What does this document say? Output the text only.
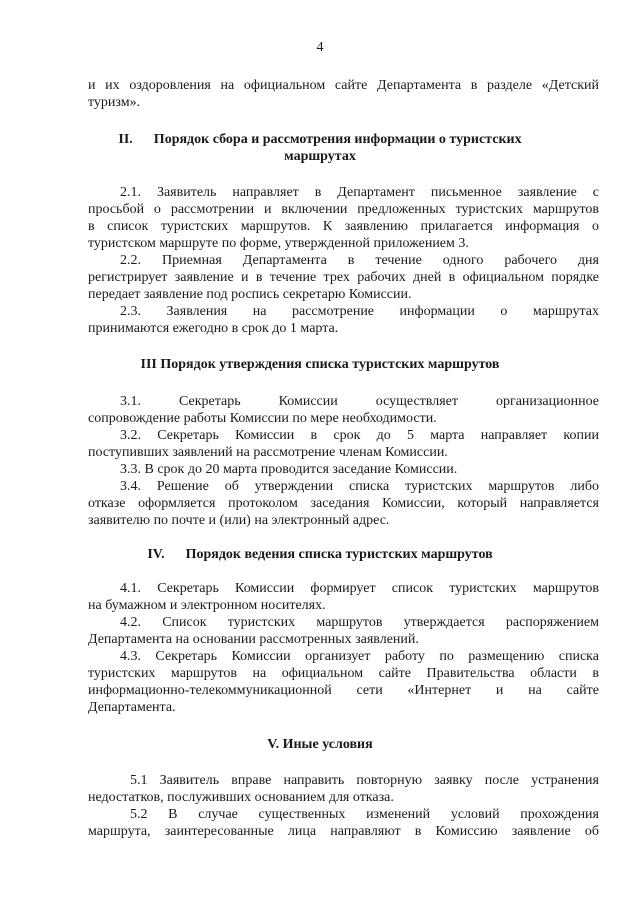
4
и их оздоровления на официальном сайте Департамента в разделе «Детский
туризм».
II.      Порядок сбора и рассмотрения информации о туристских
маршрутах
2.1. Заявитель направляет в Департамент письменное заявление с
просьбой о рассмотрении и включении предложенных туристских маршрутов
в список туристских маршрутов. К заявлению прилагается информация о
туристском маршруте по форме, утвержденной приложением 3.
2.2. Приемная Департамента в течение одного рабочего дня
регистрирует заявление и в течение трех рабочих дней в официальном порядке
передает заявление под роспись секретарю Комиссии.
2.3. Заявления на рассмотрение информации о маршрутах
принимаются ежегодно в срок до 1 марта.
III Порядок утверждения списка туристских маршрутов
3.1. Секретарь Комиссии осуществляет организационное
сопровождение работы Комиссии по мере необходимости.
3.2. Секретарь Комиссии в срок до 5 марта направляет копии
поступивших заявлений на рассмотрение членам Комиссии.
3.3. В срок до 20 марта проводится заседание Комиссии.
3.4. Решение об утверждении списка туристских маршрутов либо
отказе оформляется протоколом заседания Комиссии, который направляется
заявителю по почте и (или) на электронный адрес.
IV.      Порядок ведения списка туристских маршрутов
4.1. Секретарь Комиссии формирует список туристских маршрутов
на бумажном и электронном носителях.
4.2. Список туристских маршрутов утверждается распоряжением
Департамента на основании рассмотренных заявлений.
4.3. Секретарь Комиссии организует работу по размещению списка
туристских маршрутов на официальном сайте Правительства области в
информационно-телекоммуникационной сети «Интернет и на сайте
Департамента.
V. Иные условия
5.1 Заявитель вправе направить повторную заявку после устранения
недостатков, послуживших основанием для отказа.
5.2 В случае существенных изменений условий прохождения
маршрута, заинтересованные лица направляют в Комиссию заявление об
